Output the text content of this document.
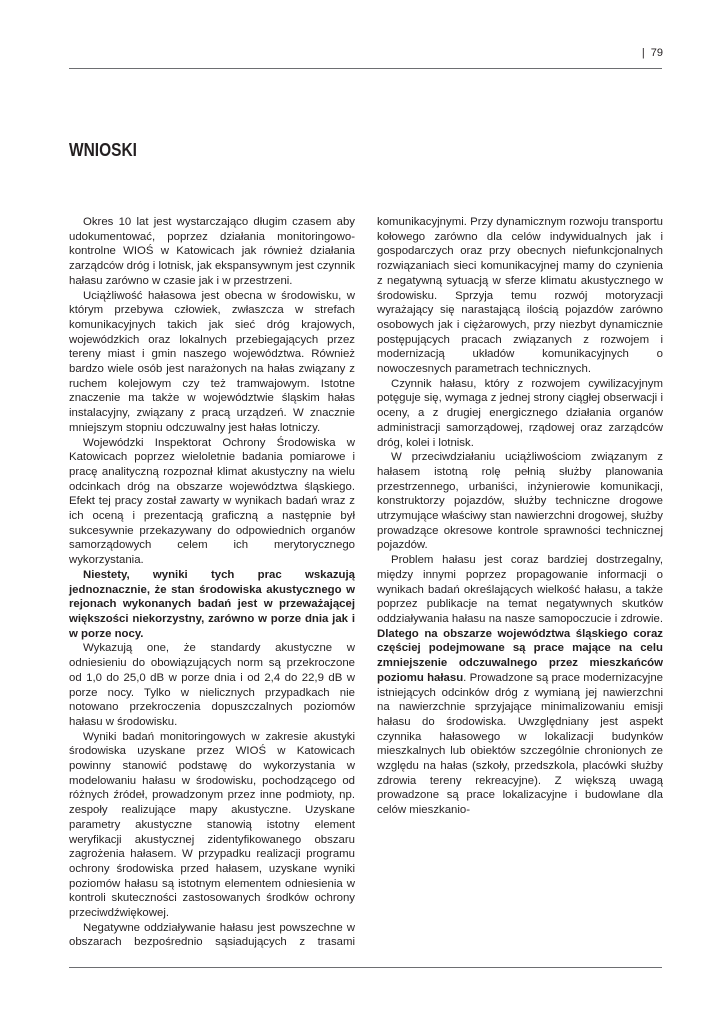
| 79
WNIOSKI

Okres 10 lat jest wystarczająco długim czasem aby udokumentować, poprzez działania monitoringowo-kontrolne WIOŚ w Katowicach jak również działania zarządców dróg i lotnisk, jak ekspansywnym jest czynnik hałasu zarówno w czasie jak i w przestrzeni.

Uciążliwość hałasowa jest obecna w środowisku, w którym przebywa człowiek, zwłaszcza w strefach komunikacyjnych takich jak sieć dróg krajowych, wojewódzkich oraz lokalnych przebiegających przez tereny miast i gmin naszego województwa. Również bardzo wiele osób jest narażonych na hałas związany z ruchem kolejowym czy też tramwajowym. Istotne znaczenie ma także w województwie śląskim hałas instalacyjny, związany z pracą urządzeń. W znacznie mniejszym stopniu odczuwalny jest hałas lotniczy.

Wojewódzki Inspektorat Ochrony Środowiska w Katowicach poprzez wieloletnie badania pomiarowe i pracę analityczną rozpoznał klimat akustyczny na wielu odcinkach dróg na obszarze województwa śląskiego. Efekt tej pracy został zawarty w wynikach badań wraz z ich oceną i prezentacją graficzną a następnie był sukcesywnie przekazywany do odpowiednich organów samorządowych celem ich merytorycznego wykorzystania.

Niestety, wyniki tych prac wskazują jednoznacznie, że stan środowiska akustycznego w rejonach wykonanych badań jest w przeważającej większości niekorzystny, zarówno w porze dnia jak i w porze nocy.

Wykazują one, że standardy akustyczne w odniesieniu do obowiązujących norm są przekroczone od 1,0 do 25,0 dB w porze dnia i od 2,4 do 22,9 dB w porze nocy. Tylko w nielicznych przypadkach nie notowano przekroczenia dopuszczalnych poziomów hałasu w środowisku.

Wyniki badań monitoringowych w zakresie akustyki środowiska uzyskane przez WIOŚ w Katowicach powinny stanowić podstawę do wykorzystania w modelowaniu hałasu w środowisku, pochodzącego od różnych źródeł, prowadzonym przez inne podmioty, np. zespoły realizujące mapy akustyczne. Uzyskane parametry akustyczne stanowią istotny element weryfikacji akustycznej zidentyfikowanego obszaru zagrożenia hałasem. W przypadku realizacji programu ochrony środowiska przed hałasem, uzyskane wyniki poziomów hałasu są istotnym elementem odniesienia w kontroli skuteczności zastosowanych środków ochrony przeciwdźwiękowej.

Negatywne oddziaływanie hałasu jest powszechne w obszarach bezpośrednio sąsiadujących z trasami komunikacyjnymi. Przy dynamicznym rozwoju transportu kołowego zarówno dla celów indywidualnych jak i gospodarczych oraz przy obecnych niefunkcjonalnych rozwiązaniach sieci komunikacyjnej mamy do czynienia z negatywną sytuacją w sferze klimatu akustycznego w środowisku. Sprzyja temu rozwój motoryzacji wyrażający się narastającą ilością pojazdów zarówno osobowych jak i ciężarowych, przy niezbyt dynamicznie postępujących pracach związanych z rozwojem i modernizacją układów komunikacyjnych o nowoczesnych parametrach technicznych.

Czynnik hałasu, który z rozwojem cywilizacyjnym potęguje się, wymaga z jednej strony ciągłej obserwacji i oceny, a z drugiej energicznego działania organów administracji samorządowej, rządowej oraz zarządców dróg, kolei i lotnisk.

W przeciwdziałaniu uciążliwościom związanym z hałasem istotną rolę pełnią służby planowania przestrzennego, urbaniści, inżynierowie komunikacji, konstruktorzy pojazdów, służby techniczne drogowe utrzymujące właściwy stan nawierzchni drogowej, służby prowadzące okresowe kontrole sprawności technicznej pojazdów.

Problem hałasu jest coraz bardziej dostrzegalny, między innymi poprzez propagowanie informacji o wynikach badań określających wielkość hałasu, a także poprzez publikacje na temat negatywnych skutków oddziaływania hałasu na nasze samopoczucie i zdrowie. Dlatego na obszarze województwa śląskiego coraz częściej podejmowane są prace mające na celu zmniejszenie odczuwalnego przez mieszkańców poziomu hałasu. Prowadzone są prace modernizacyjne istniejących odcinków dróg z wymianą jej nawierzchni na nawierzchnie sprzyjające minimalizowaniu emisji hałasu do środowiska. Uwzględniany jest aspekt czynnika hałasowego w lokalizacji budynków mieszkalnych lub obiektów szczególnie chronionych ze względu na hałas (szkoły, przedszkola, placówki służby zdrowia tereny rekreacyjne). Z większą uwagą prowadzone są prace lokalizacyjne i budowlane dla celów mieszkanio-
